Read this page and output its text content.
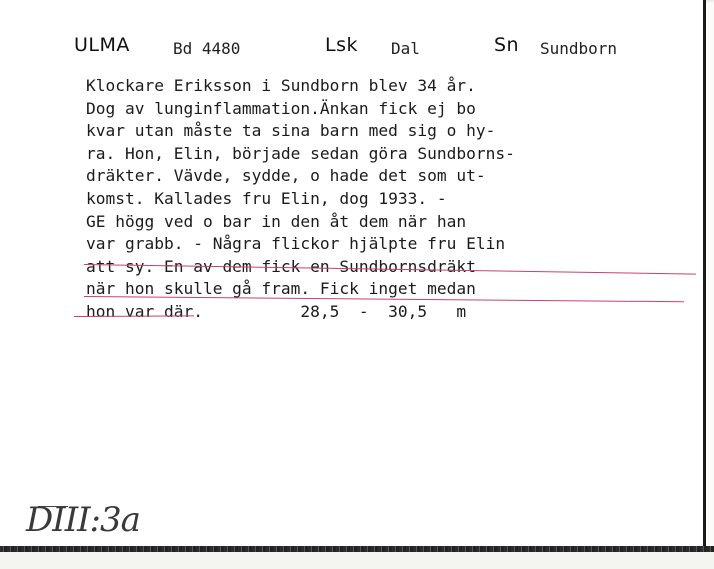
ULMA	Bd 4480	Lsk Dal	Sn Sundborn
Klockare Eriksson i Sundborn blev 34 år.
Dog av lunginflammation.Änkan fick ej bo
kvar utan måste ta sina barn med sig o hy-
ra. Hon, Elin, började sedan göra Sundborns-
dräkter. Vävde, sydde, o hade det som ut-
komst. Kallades fru Elin, dog 1933. -
GE högg ved o bar in den åt dem när han
var grabb. - Några flickor hjälpte fru Elin
att sy. En av dem fick en Sundbornsdräkt
när hon skulle gå fram. Fick inget medan
hon var där.          28,5  -  30,5   m
DIII:3a
